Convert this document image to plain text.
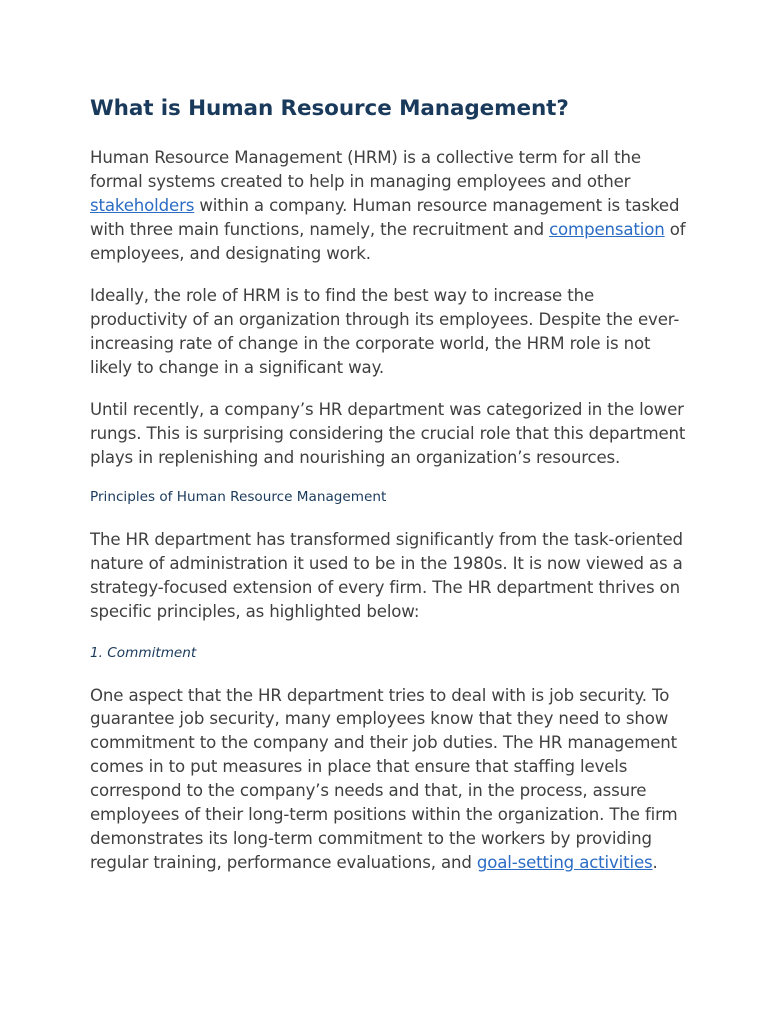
What is Human Resource Management?

Human Resource Management (HRM) is a collective term for all the formal systems created to help in managing employees and other stakeholders within a company. Human resource management is tasked with three main functions, namely, the recruitment and compensation of employees, and designating work.

Ideally, the role of HRM is to find the best way to increase the productivity of an organization through its employees. Despite the ever-increasing rate of change in the corporate world, the HRM role is not likely to change in a significant way.

Until recently, a company’s HR department was categorized in the lower rungs. This is surprising considering the crucial role that this department plays in replenishing and nourishing an organization’s resources.

Principles of Human Resource Management

The HR department has transformed significantly from the task-oriented nature of administration it used to be in the 1980s. It is now viewed as a strategy-focused extension of every firm. The HR department thrives on specific principles, as highlighted below:

1. Commitment

One aspect that the HR department tries to deal with is job security. To guarantee job security, many employees know that they need to show commitment to the company and their job duties. The HR management comes in to put measures in place that ensure that staffing levels correspond to the company’s needs and that, in the process, assure employees of their long-term positions within the organization. The firm demonstrates its long-term commitment to the workers by providing regular training, performance evaluations, and goal-setting activities.
